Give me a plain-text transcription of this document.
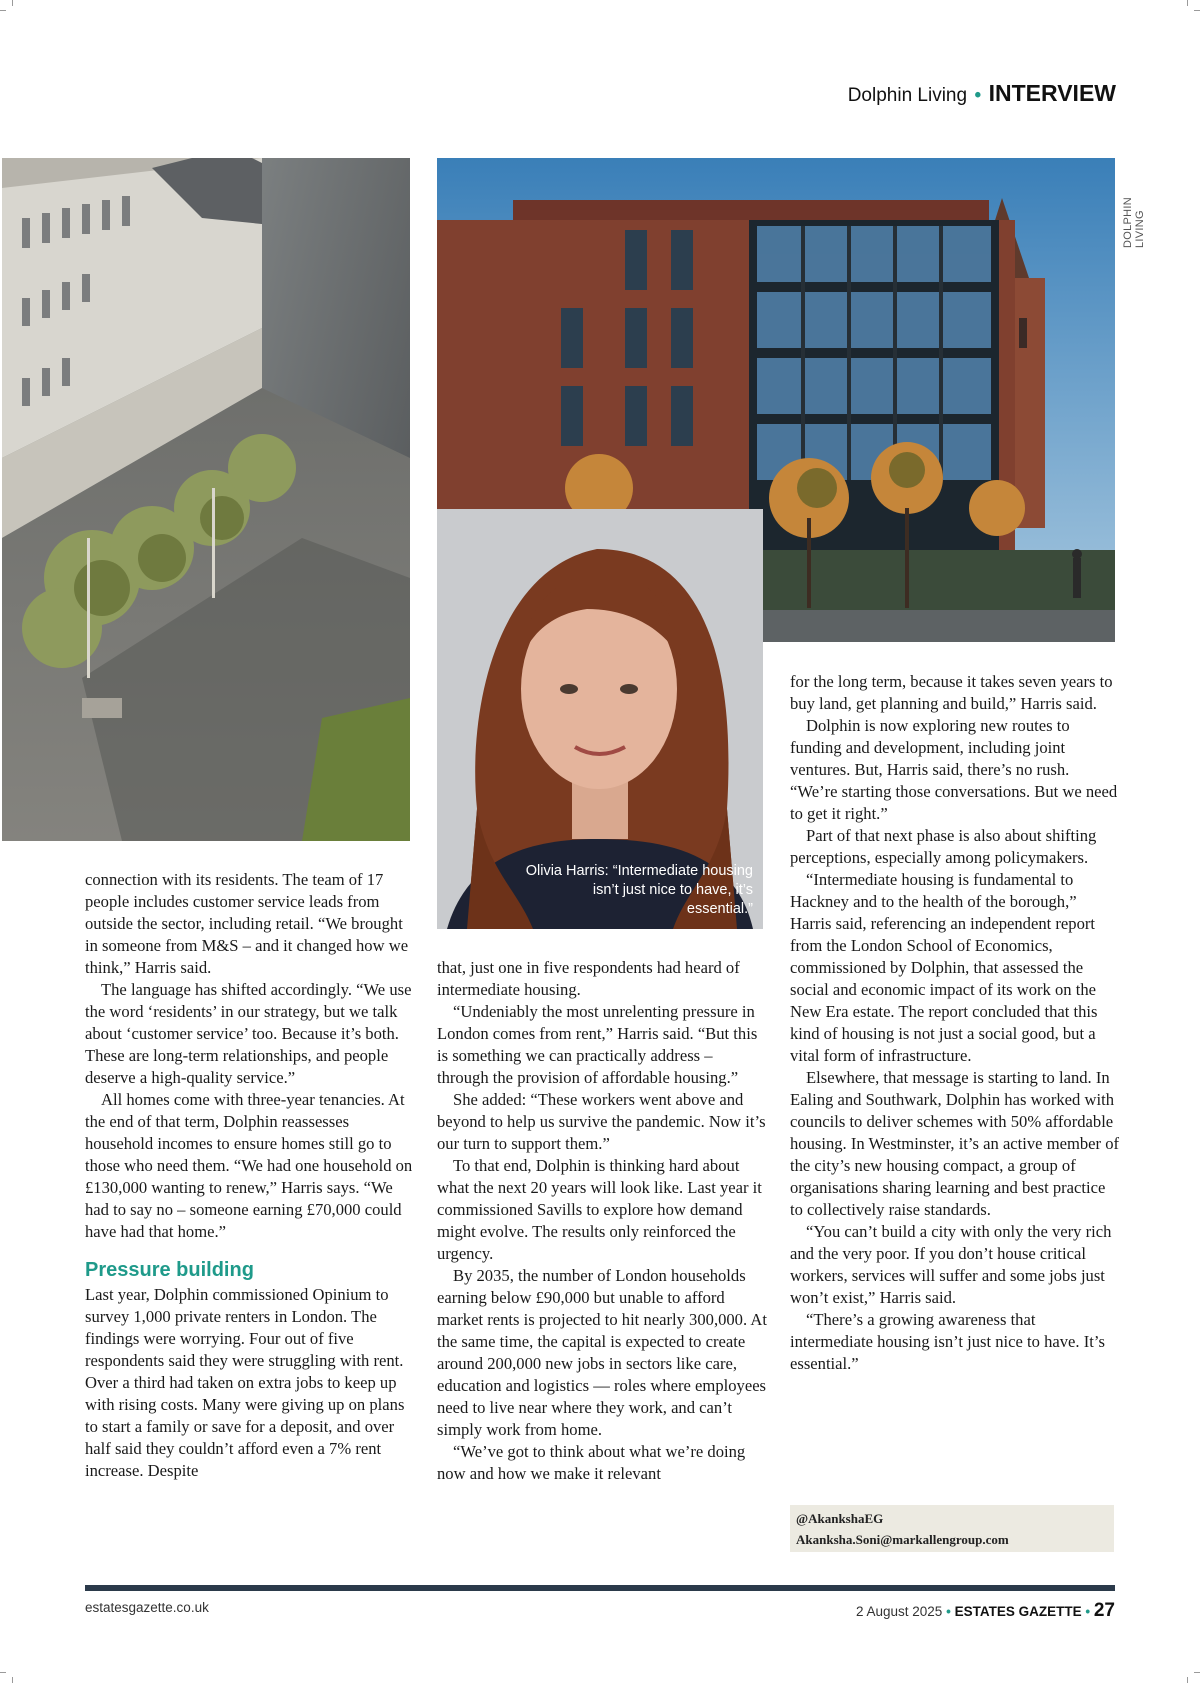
Dolphin Living • INTERVIEW
DOLPHIN LIVING
Olivia Harris: “Intermediate housing isn’t just nice to have, it’s essential.”

connection with its residents. The team of 17 people includes customer service leads from outside the sector, including retail. “We brought in someone from M&S – and it changed how we think,” Harris said.

The language has shifted accordingly. “We use the word ‘residents’ in our strategy, but we talk about ‘customer service’ too. Because it’s both. These are long-term relationships, and people deserve a high-quality service.”

All homes come with three-year tenancies. At the end of that term, Dolphin reassesses household incomes to ensure homes still go to those who need them. “We had one household on £130,000 wanting to renew,” Harris says. “We had to say no – someone earning £70,000 could have had that home.”

Pressure building

Last year, Dolphin commissioned Opinium to survey 1,000 private renters in London. The findings were worrying. Four out of five respondents said they were struggling with rent. Over a third had taken on extra jobs to keep up with rising costs. Many were giving up on plans to start a family or save for a deposit, and over half said they couldn’t afford even a 7% rent increase. Despite

that, just one in five respondents had heard of intermediate housing.

“Undeniably the most unrelenting pressure in London comes from rent,” Harris said. “But this is something we can practically address – through the provision of affordable housing.”

She added: “These workers went above and beyond to help us survive the pandemic. Now it’s our turn to support them.”

To that end, Dolphin is thinking hard about what the next 20 years will look like. Last year it commissioned Savills to explore how demand might evolve. The results only reinforced the urgency.

By 2035, the number of London households earning below £90,000 but unable to afford market rents is projected to hit nearly 300,000. At the same time, the capital is expected to create around 200,000 new jobs in sectors like care, education and logistics — roles where employees need to live near where they work, and can’t simply work from home.

“We’ve got to think about what we’re doing now and how we make it relevant

for the long term, because it takes seven years to buy land, get planning and build,” Harris said.

Dolphin is now exploring new routes to funding and development, including joint ventures. But, Harris said, there’s no rush. “We’re starting those conversations. But we need to get it right.”

Part of that next phase is also about shifting perceptions, especially among policymakers.

“Intermediate housing is fundamental to Hackney and to the health of the borough,” Harris said, referencing an independent report from the London School of Economics, commissioned by Dolphin, that assessed the social and economic impact of its work on the New Era estate. The report concluded that this kind of housing is not just a social good, but a vital form of infrastructure.

Elsewhere, that message is starting to land. In Ealing and Southwark, Dolphin has worked with councils to deliver schemes with 50% affordable housing. In Westminster, it’s an active member of the city’s new housing compact, a group of organisations sharing learning and best practice to collectively raise standards.

“You can’t build a city with only the very rich and the very poor. If you don’t house critical workers, services will suffer and some jobs just won’t exist,” Harris said.

“There’s a growing awareness that intermediate housing isn’t just nice to have. It’s essential.”

@AkankshaEG
Akanksha.Soni@markallengroup.com
estatesgazette.co.uk	2 August 2025 • ESTATES GAZETTE • 27
